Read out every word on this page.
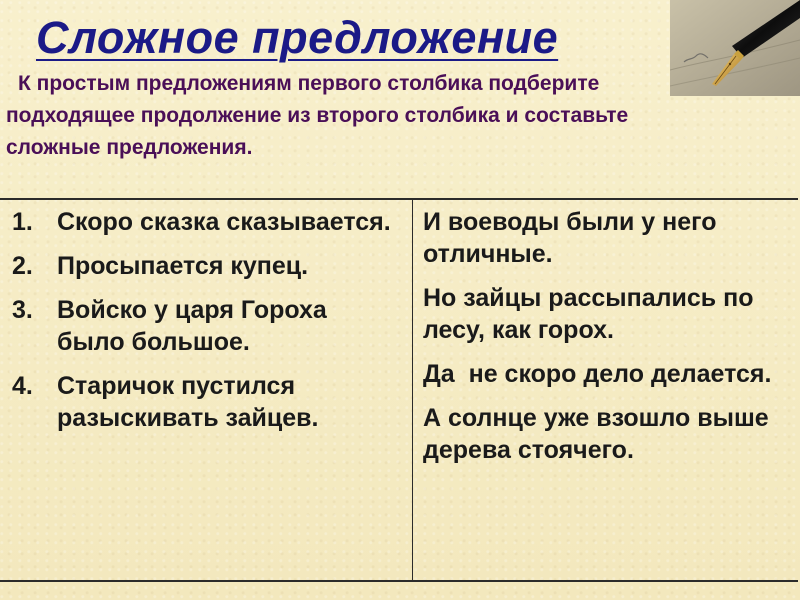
Сложное предложение

К простым предложениям первого столбика подберите подходящее продолжение из второго столбика и составьте сложные предложения.

1. Скоро сказка сказывается.
2. Просыпается купец.
3. Войско у царя Гороха было большое.
4. Старичок пустился разыскивать зайцев.

И воеводы были у него отличные.

Но зайцы рассыпались по лесу, как горох.

Да  не скоро дело делается.

А солнце уже взошло выше дерева стоячего.
